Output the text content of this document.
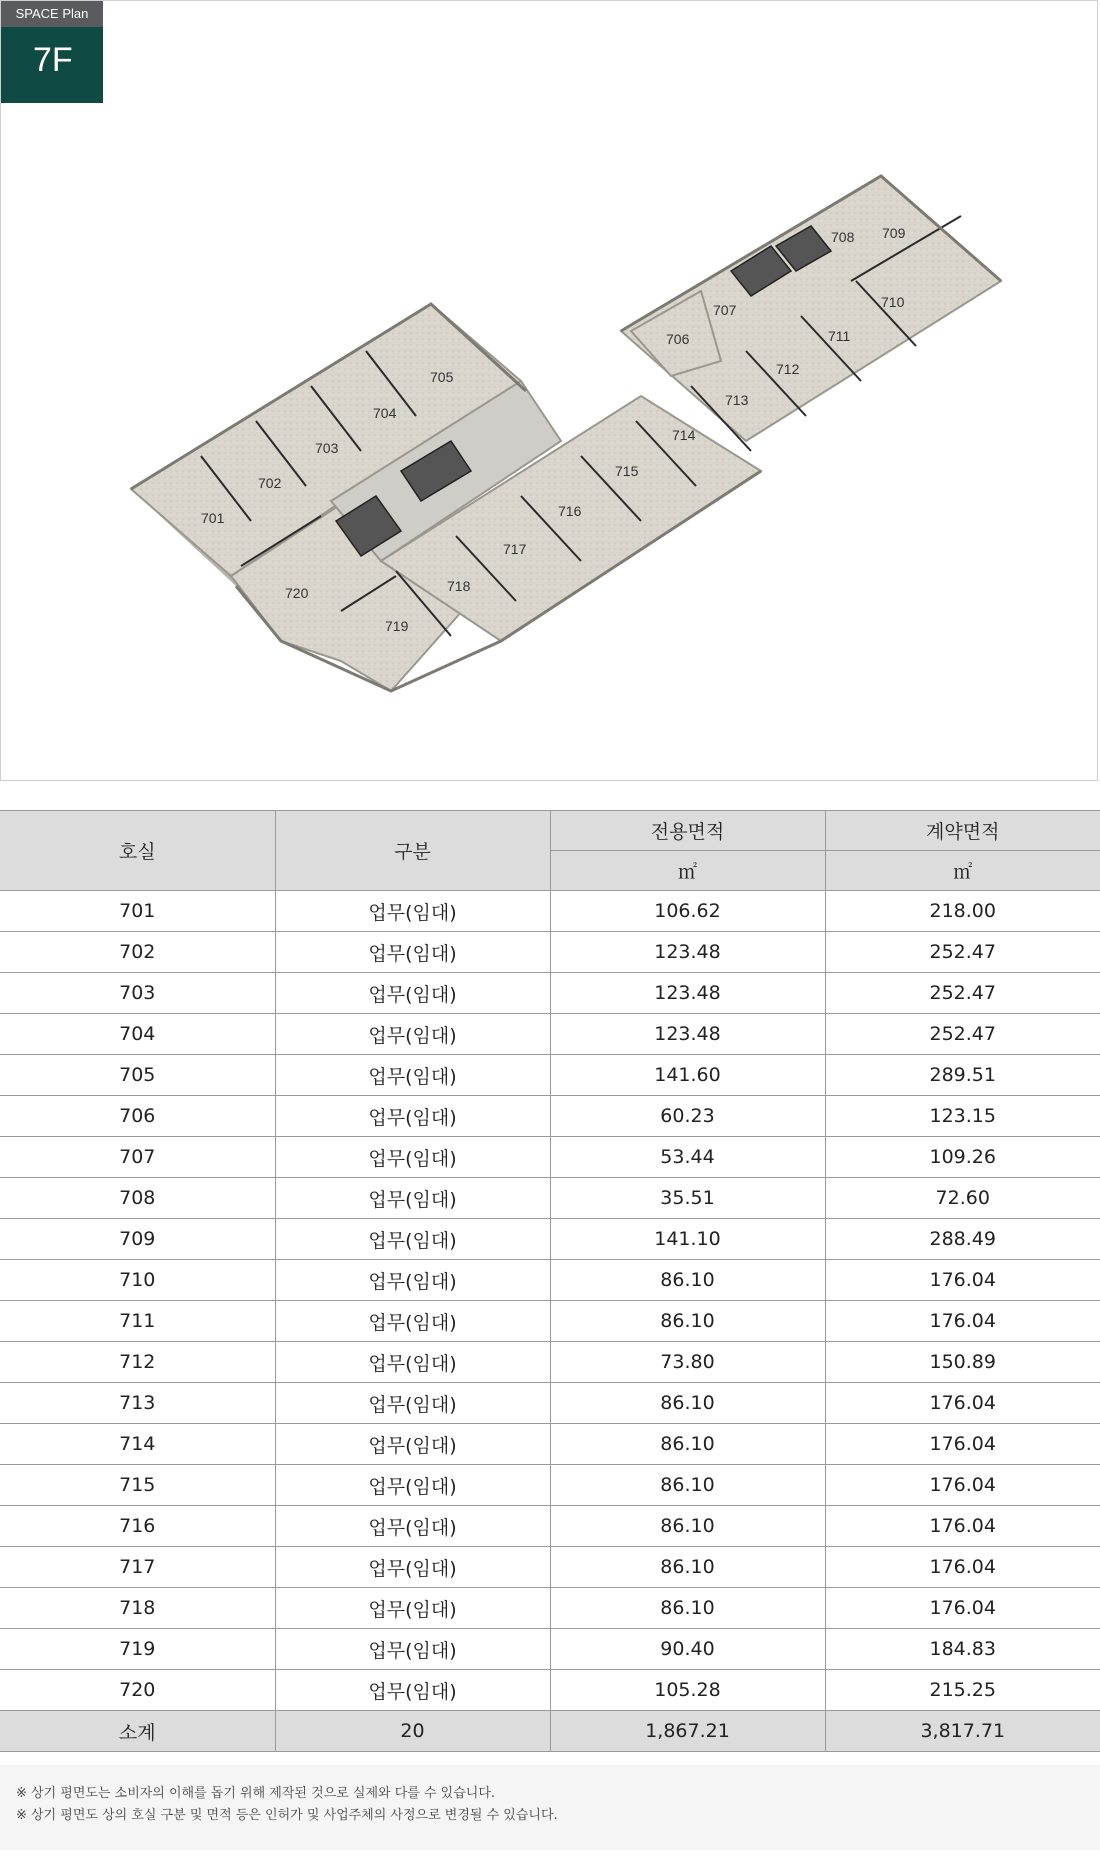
701
702
703
704
705
706
707
708 709
710
711
712
713
714
715
716
717
718
719
720
SPACE Plan
7F
호실	구분	전용면적	계약면적
		㎡	㎡
701	업무(임대)	106.62	218.00
702	업무(임대)	123.48	252.47
703	업무(임대)	123.48	252.47
704	업무(임대)	123.48	252.47
705	업무(임대)	141.60	289.51
706	업무(임대)	60.23	123.15
707	업무(임대)	53.44	109.26
708	업무(임대)	35.51	72.60
709	업무(임대)	141.10	288.49
710	업무(임대)	86.10	176.04
711	업무(임대)	86.10	176.04
712	업무(임대)	73.80	150.89
713	업무(임대)	86.10	176.04
714	업무(임대)	86.10	176.04
715	업무(임대)	86.10	176.04
716	업무(임대)	86.10	176.04
717	업무(임대)	86.10	176.04
718	업무(임대)	86.10	176.04
719	업무(임대)	90.40	184.83
720	업무(임대)	105.28	215.25
소계	20	1,867.21	3,817.71
※ 상기 평면도는 소비자의 이해를 돕기 위해 제작된 것으로 실제와 다를 수 있습니다.
※ 상기 평면도 상의 호실 구분 및 면적 등은 인허가 및 사업주체의 사정으로 변경될 수 있습니다.
